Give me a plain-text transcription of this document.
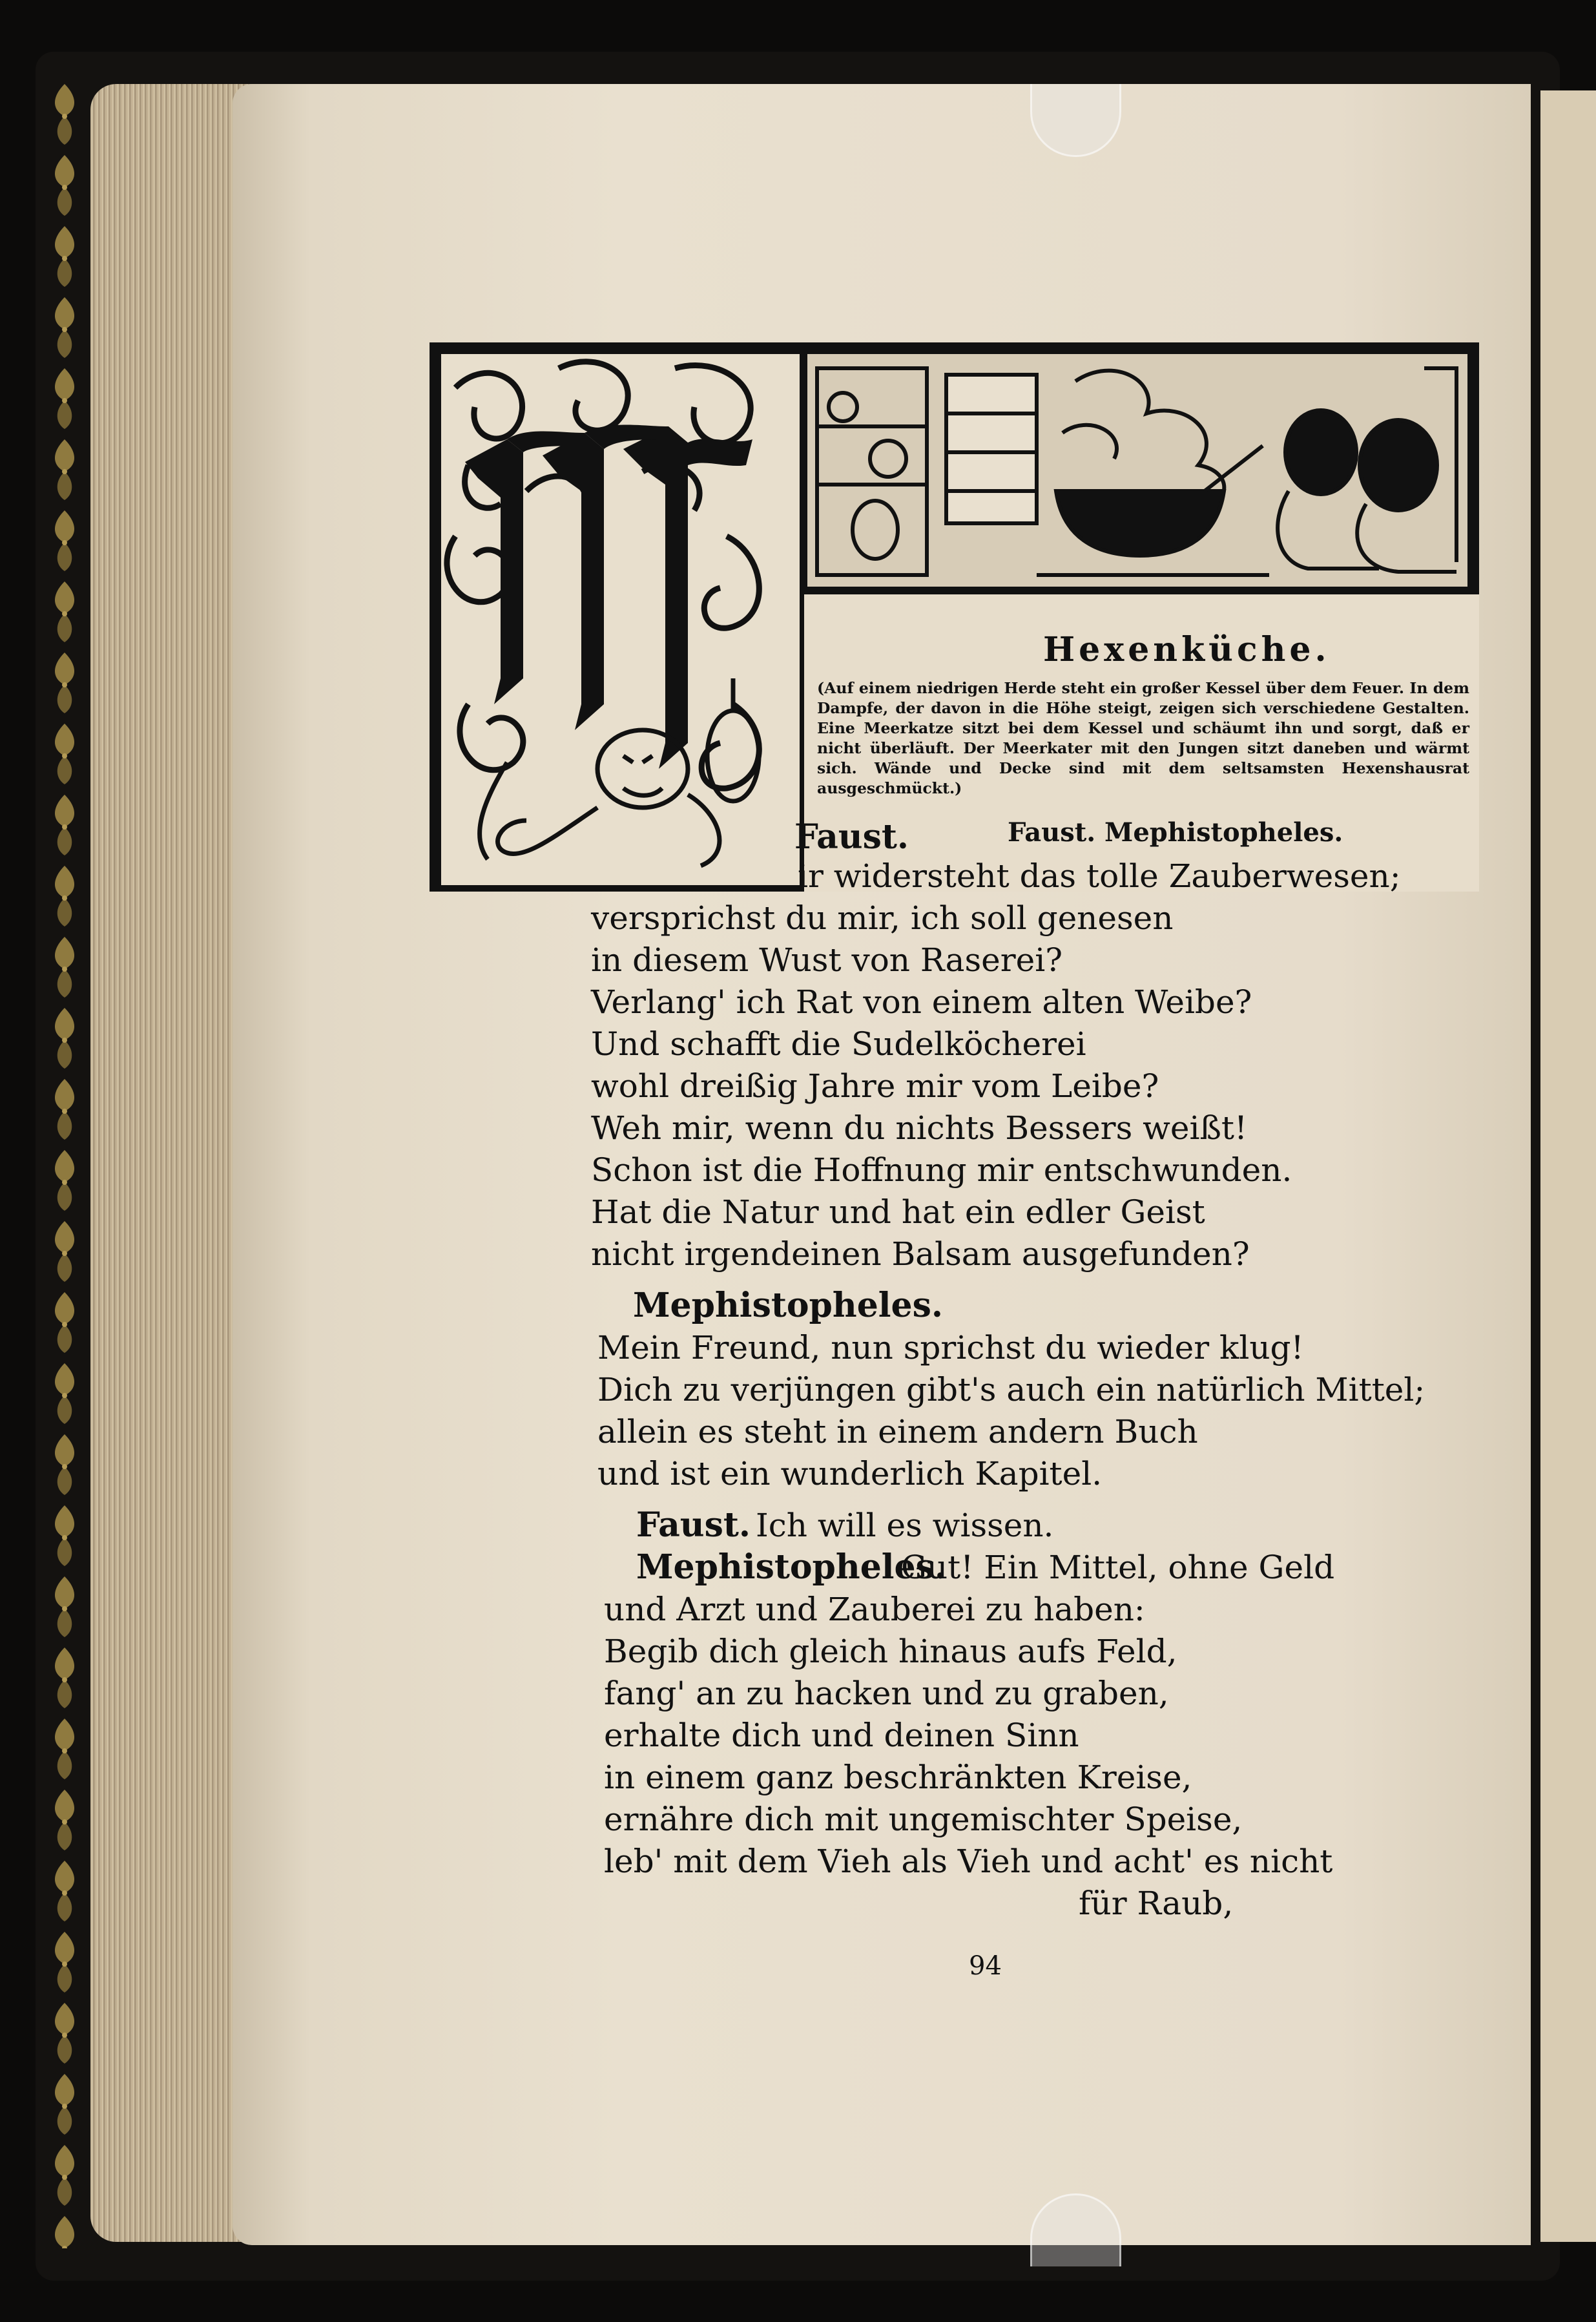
Hexenküche.
(Auf einem niedrigen Herde steht ein großer Kessel über dem Feuer. In dem Dampfe, der davon in die Höhe steigt, zeigen sich verschiedene Gestalten. Eine Meerkatze sitzt bei dem Kessel und schäumt ihn und sorgt, daß er nicht überläuft. Der Meerkater mit den Jungen sitzt daneben und wärmt sich. Wände und Decke sind mit dem seltsamsten Hexenshausrat ausgeschmückt.)
Faust.	Faust. Mephistopheles.
ir widersteht das tolle Zauberwesen;
versprichst du mir, ich soll genesen
in diesem Wust von Raserei?
Verlang' ich Rat von einem alten Weibe?
Und schafft die Sudelköcherei
wohl dreißig Jahre mir vom Leibe?
Weh mir, wenn du nichts Bessers weißt!
Schon ist die Hoffnung mir entschwunden.
Hat die Natur und hat ein edler Geist
nicht irgendeinen Balsam ausgefunden?
Mephistopheles.
Mein Freund, nun sprichst du wieder klug!
Dich zu verjüngen gibt's auch ein natürlich Mittel;
allein es steht in einem andern Buch
und ist ein wunderlich Kapitel.
Faust. Ich will es wissen.
Mephistopheles.
Gut! Ein Mittel, ohne Geld
und Arzt und Zauberei zu haben:
Begib dich gleich hinaus aufs Feld,
fang' an zu hacken und zu graben,
erhalte dich und deinen Sinn
in einem ganz beschränkten Kreise,
ernähre dich mit ungemischter Speise,
leb' mit dem Vieh als Vieh und acht' es nicht
für Raub,
94
